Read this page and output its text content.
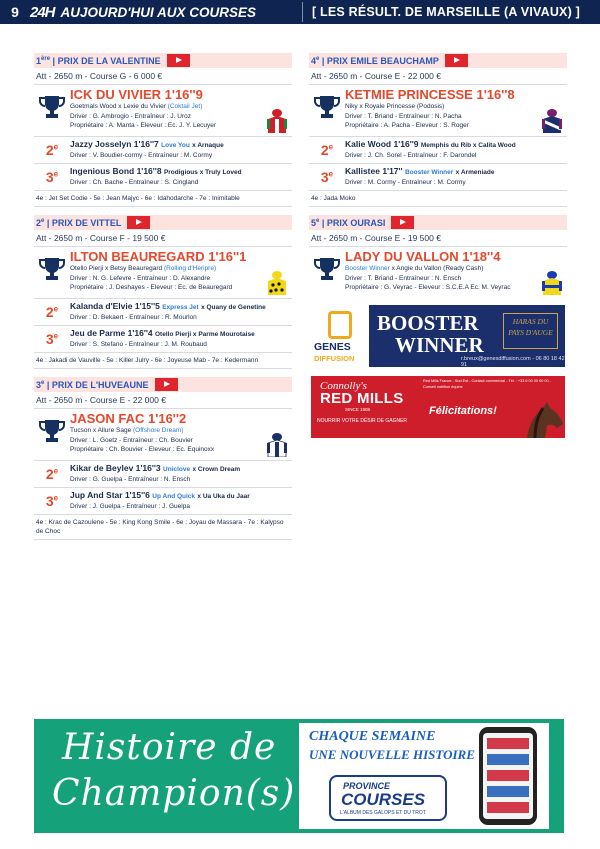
9 24H AUJOURD'HUI AUX COURSES	[ LES RÉSULT. DE MARSEILLE (A VIVAUX) ]
1ère | PRIX DE LA VALENTINE
Att - 2650 m - Course G - 6 000 €
ICK DU VIVIER 1'16''9
Goetmals Wood x Lexie du Vivier (Coktail Jet)
Driver : G. Ambrogio - Entraîneur : J. Uroz
Propriétaire : A. Manta - Eleveur : Ec. J. Y. Lecuyer
2e	Jazzy Josselyn 1'16''7 Love You x Arnaque
Driver : V. Boudier-cormy - Entraîneur : M. Cormy
3e	Ingenious Bond 1'16''8 Prodigious x Truly Loved
Driver : Ch. Bache - Entraîneur : S. Cingland
4e : Jet Set Codie - 5e : Jean Majyc - 6e : Idahodarche - 7e : Inimitable
2e | PRIX DE VITTEL
Att - 2650 m - Course F - 19 500 €
ILTON BEAUREGARD 1'16''1
Otello Pierji x Betsy Beauregard (Rolling d'Heripre)
Driver : N. G. Lefevre - Entraîneur : D. Alexandre
Propriétaire : J. Deshayes - Eleveur : Ec. de Beauregard
2e	Kalanda d'Elvie 1'15''5 Express Jet x Quany de Genetine
Driver : D. Bekaert - Entraîneur : R. Mourlon
3e	Jeu de Parme 1'16''4 Otello Pierji x Parme Mourotaise
Driver : S. Stefano - Entraîneur : J. M. Roubaud
4e : Jakadi de Vauville - 5e : Killer Julry - 6e : Joyeuse Mab - 7e : Kedermann
3e | PRIX DE L'HUVEAUNE
Att - 2650 m - Course E - 22 000 €
JASON FAC 1'16''2
Tucson x Allure Sage (Offshore Dream)
Driver : L. Goetz - Entraîneur : Ch. Bouvier
Propriétaire : Ch. Bouvier - Eleveur : Ec. Equinoxx
2e	Kikar de Beylev 1'16''3 Uniclove x Crown Dream
Driver : G. Guelpa - Entraîneur : N. Ensch
3e	Jup And Star 1'15''6 Up And Quick x Ua Uka du Jaar
Driver : J. Guelpa - Entraîneur : J. Guelpa
4e : Krac de Cazoulene - 5e : King Kong Smile - 6e : Joyau de Massara - 7e : Kalypso de Choc
4e | PRIX EMILE BEAUCHAMP
Att - 2650 m - Course E - 22 000 €
KETMIE PRINCESSE 1'16''8
Niky x Royale Princesse (Podosis)
Driver : T. Briand - Entraîneur : N. Pacha
Propriétaire : A. Pacha - Eleveur : S. Roger
2e	Kalie Wood 1'16''9 Memphis du Rib x Calita Wood
Driver : J. Ch. Sorel - Entraîneur : F. Darondel
3e	Kallistee 1'17'' Booster Winner x Armeniade
Driver : M. Cormy - Entraîneur : M. Cormy
4e : Jada Moko
5e | PRIX OURASI
Att - 2650 m - Course E - 19 500 €
LADY DU VALLON 1'18''4
Booster Winner x Angie du Vallon (Ready Cash)
Driver : T. Briand - Entraîneur : N. Ensch
Propriétaire : G. Veyrac - Eleveur : S.C.E.A Ec. M. Veyrac
GENES
DIFFUSION
BOOSTER
WINNER
HARAS DU PAYS D'AUGE
r.breux@genesdiffusion.com - 06 80 18 42 91
Connolly's
RED MILLS
SINCE 1908
NOURRIR VOTRE DÉSIR DE GAGNER
Red Mills France - Sud Est - Contact commercial - Tél. : +33 6 00 00 00 00 - Conseil nutrition équine
Félicitations!
Histoire de
Champion(s)
CHAQUE SEMAINE
UNE NOUVELLE HISTOIRE
PROVINCE
COURSES
L'ALBUM DES GALOPS ET DU TROT
